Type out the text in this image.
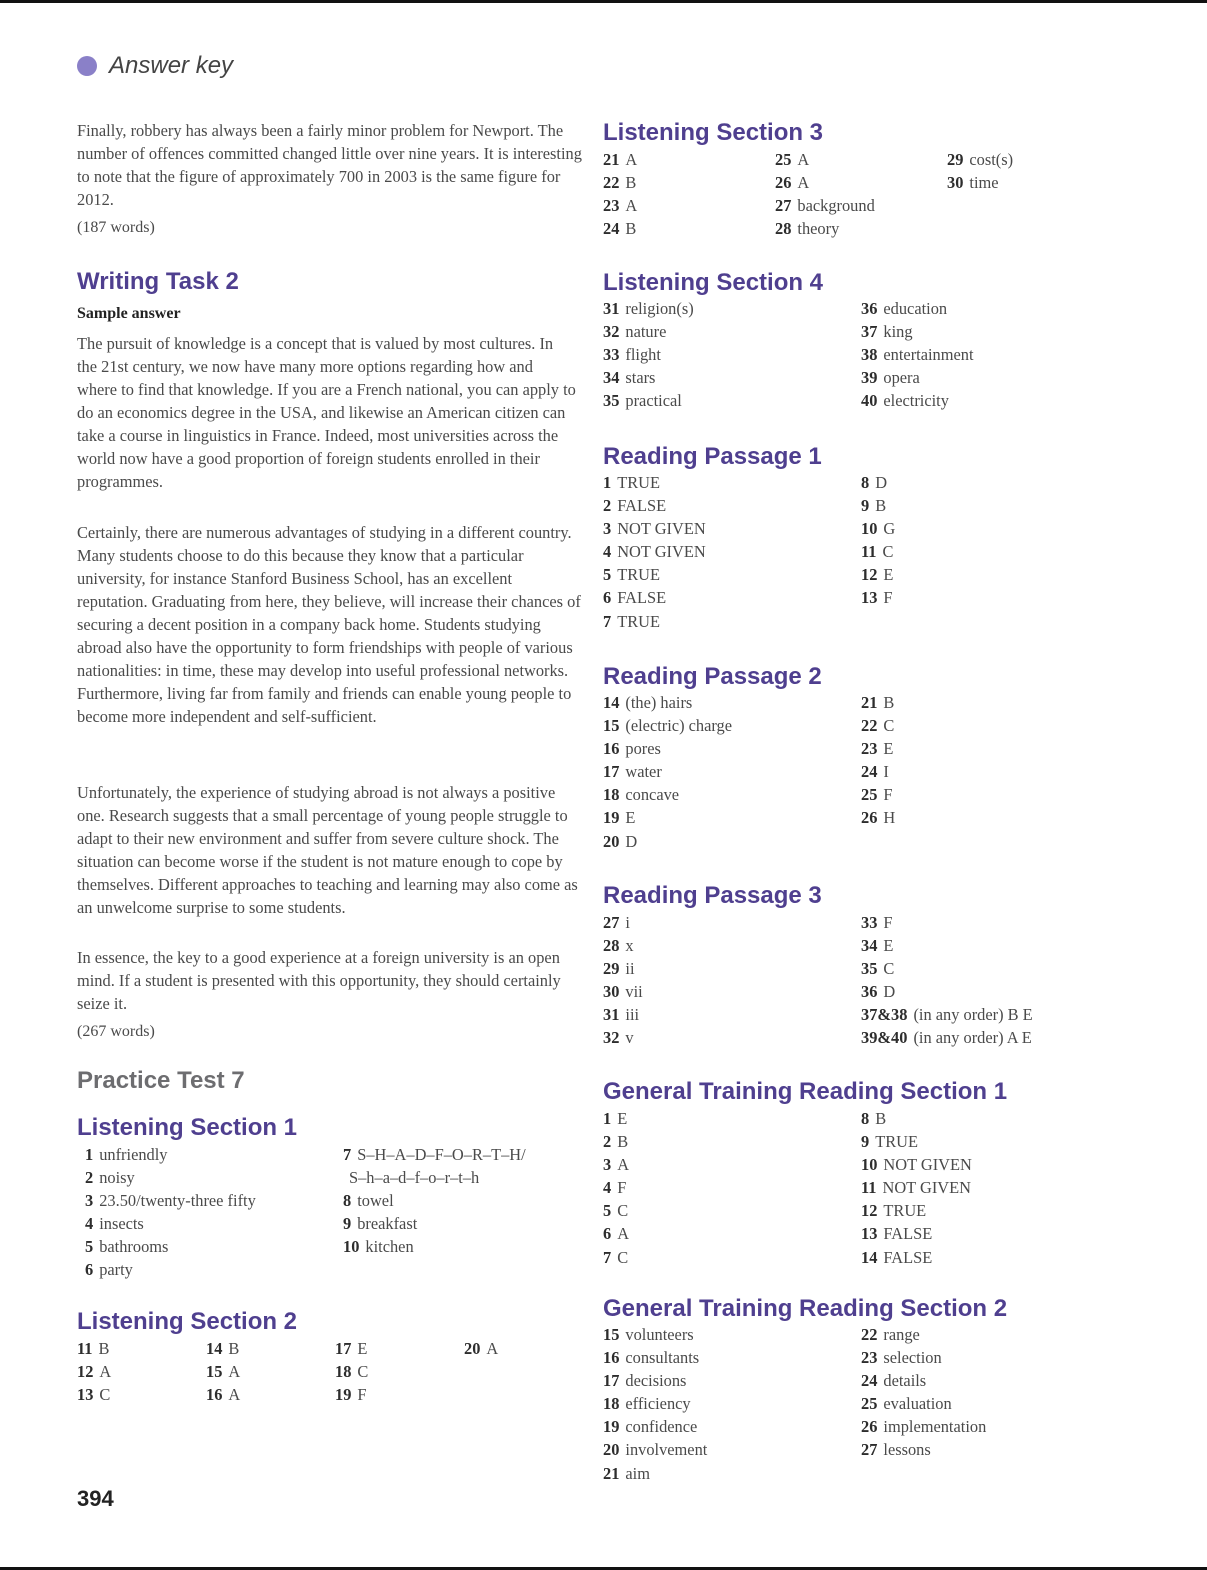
Answer key

Finally, robbery has always been a fairly minor problem for Newport. The number of offences committed changed little over nine years. It is interesting to note that the figure of approximately 700 in 2003 is the same figure for 2012.

(187 words)

Writing Task 2

Sample answer

The pursuit of knowledge is a concept that is valued by most cultures. In the 21st century, we now have many more options regarding how and where to find that knowledge. If you are a French national, you can apply to do an economics degree in the USA, and likewise an American citizen can take a course in linguistics in France. Indeed, most universities across the world now have a good proportion of foreign students enrolled in their programmes.

Certainly, there are numerous advantages of studying in a different country. Many students choose to do this because they know that a particular university, for instance Stanford Business School, has an excellent reputation. Graduating from here, they believe, will increase their chances of securing a decent position in a company back home. Students studying abroad also have the opportunity to form friendships with people of various nationalities: in time, these may develop into useful professional networks. Furthermore, living far from family and friends can enable young people to become more independent and self-sufficient.

Unfortunately, the experience of studying abroad is not always a positive one. Research suggests that a small percentage of young people struggle to adapt to their new environment and suffer from severe culture shock. The situation can become worse if the student is not mature enough to cope by themselves. Different approaches to teaching and learning may also come as an unwelcome surprise to some students.

In essence, the key to a good experience at a foreign university is an open mind. If a student is presented with this opportunity, they should certainly seize it.

(267 words)

Practice Test 7
Listening Section 1
1 unfriendly	7 S–H–A–D–F–O–R–T–H/
2 noisy	S–h–a–d–f–o–r–t–h
3 23.50/twenty-three fifty	8 towel
4 insects	9 breakfast
5 bathrooms	10 kitchen
6 party
Listening Section 2
11 B	14 B	17 E	20 A
12 A	15 A	18 C
13 C	16 A	19 F
394
Listening Section 3
21 A	25 A	29 cost(s)
22 B	26 A	30 time
23 A	27 background
24 B	28 theory
Listening Section 4
31 religion(s)	36 education
32 nature	37 king
33 flight	38 entertainment
34 stars	39 opera
35 practical	40 electricity
Reading Passage 1
1 TRUE	8 D
2 FALSE	9 B
3 NOT GIVEN	10 G
4 NOT GIVEN	11 C
5 TRUE	12 E
6 FALSE	13 F
7 TRUE
Reading Passage 2
14 (the) hairs	21 B
15 (electric) charge	22 C
16 pores	23 E
17 water	24 I
18 concave	25 F
19 E	26 H
20 D
Reading Passage 3
27 i	33 F
28 x	34 E
29 ii	35 C
30 vii	36 D
31 iii	37&38 (in any order) B E
32 v	39&40 (in any order) A E
General Training Reading Section 1
1 E	8 B
2 B	9 TRUE
3 A	10 NOT GIVEN
4 F	11 NOT GIVEN
5 C	12 TRUE
6 A	13 FALSE
7 C	14 FALSE
General Training Reading Section 2
15 volunteers	22 range
16 consultants	23 selection
17 decisions	24 details
18 efficiency	25 evaluation
19 confidence	26 implementation
20 involvement	27 lessons
21 aim
